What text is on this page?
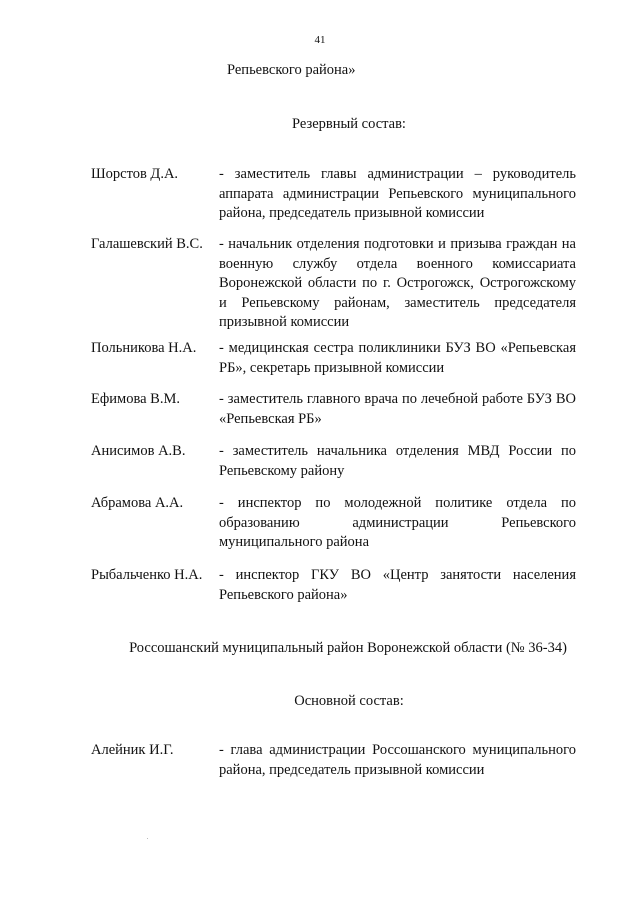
41
Репьевского района»
Резервный состав:
Шорстов Д.А.	- заместитель главы администрации – руководитель аппарата администрации Репьевского муниципального района, председатель призывной комиссии
Галашевский В.С. - начальник отделения подготовки и призыва граждан на военную службу отдела военного комиссариата Воронежской области по г. Острогожск, Острогожскому и Репьевскому районам, заместитель председателя призывной комиссии
Польникова Н.А. - медицинская сестра поликлиники БУЗ ВО «Репьевская РБ», секретарь призывной комиссии
Ефимова В.М.	- заместитель главного врача по лечебной работе БУЗ ВО «Репьевская РБ»
Анисимов А.В. - заместитель начальника отделения МВД России по Репьевскому району
Абрамова А.А. - инспектор по молодежной политике отдела по образованию администрации Репьевского муниципального района
Рыбальченко Н.А. - инспектор ГКУ ВО «Центр занятости населения Репьевского района»
Россошанский муниципальный район Воронежской области (№ 36-34)
Основной состав:
Алейник И.Г.	- глава администрации Россошанского муниципального района, председатель призывной комиссии
